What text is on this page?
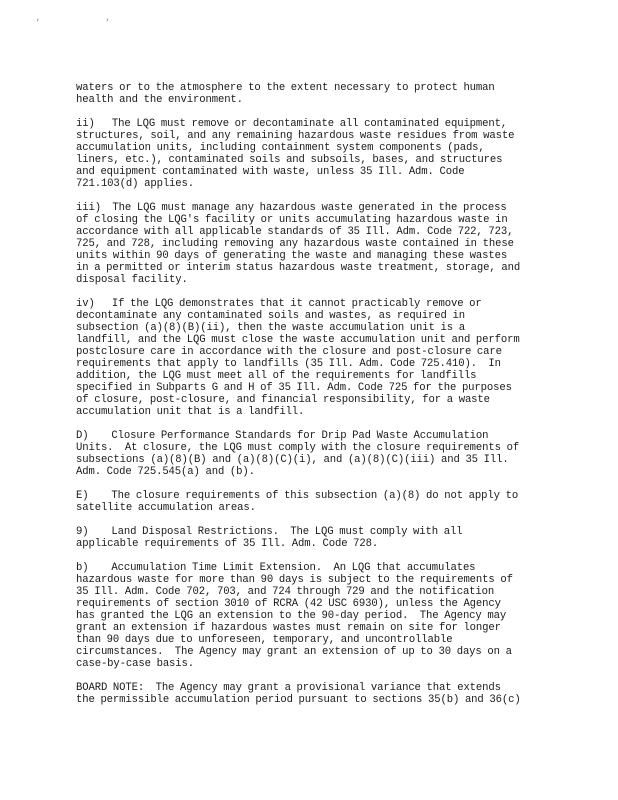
, ,

waters or to the atmosphere to the extent necessary to protect human
health and the environment.

ii)   The LQG must remove or decontaminate all contaminated equipment,
structures, soil, and any remaining hazardous waste residues from waste
accumulation units, including containment system components (pads,
liners, etc.), contaminated soils and subsoils, bases, and structures
and equipment contaminated with waste, unless 35 Ill. Adm. Code
721.103(d) applies.

iii)  The LQG must manage any hazardous waste generated in the process
of closing the LQG's facility or units accumulating hazardous waste in
accordance with all applicable standards of 35 Ill. Adm. Code 722, 723,
725, and 728, including removing any hazardous waste contained in these
units within 90 days of generating the waste and managing these wastes
in a permitted or interim status hazardous waste treatment, storage, and
disposal facility.

iv)   If the LQG demonstrates that it cannot practicably remove or
decontaminate any contaminated soils and wastes, as required in
subsection (a)(8)(B)(ii), then the waste accumulation unit is a
landfill, and the LQG must close the waste accumulation unit and perform
postclosure care in accordance with the closure and post-closure care
requirements that apply to landfills (35 Ill. Adm. Code 725.410).  In
addition, the LQG must meet all of the requirements for landfills
specified in Subparts G and H of 35 Ill. Adm. Code 725 for the purposes
of closure, post-closure, and financial responsibility, for a waste
accumulation unit that is a landfill.

D)    Closure Performance Standards for Drip Pad Waste Accumulation
Units.  At closure, the LQG must comply with the closure requirements of
subsections (a)(8)(B) and (a)(8)(C)(i), and (a)(8)(C)(iii) and 35 Ill.
Adm. Code 725.545(a) and (b).

E)    The closure requirements of this subsection (a)(8) do not apply to
satellite accumulation areas.

9)    Land Disposal Restrictions.  The LQG must comply with all
applicable requirements of 35 Ill. Adm. Code 728.

b)    Accumulation Time Limit Extension.  An LQG that accumulates
hazardous waste for more than 90 days is subject to the requirements of
35 Ill. Adm. Code 702, 703, and 724 through 729 and the notification
requirements of section 3010 of RCRA (42 USC 6930), unless the Agency
has granted the LQG an extension to the 90-day period.  The Agency may
grant an extension if hazardous wastes must remain on site for longer
than 90 days due to unforeseen, temporary, and uncontrollable
circumstances.  The Agency may grant an extension of up to 30 days on a
case-by-case basis.

BOARD NOTE:  The Agency may grant a provisional variance that extends
the permissible accumulation period pursuant to sections 35(b) and 36(c)
